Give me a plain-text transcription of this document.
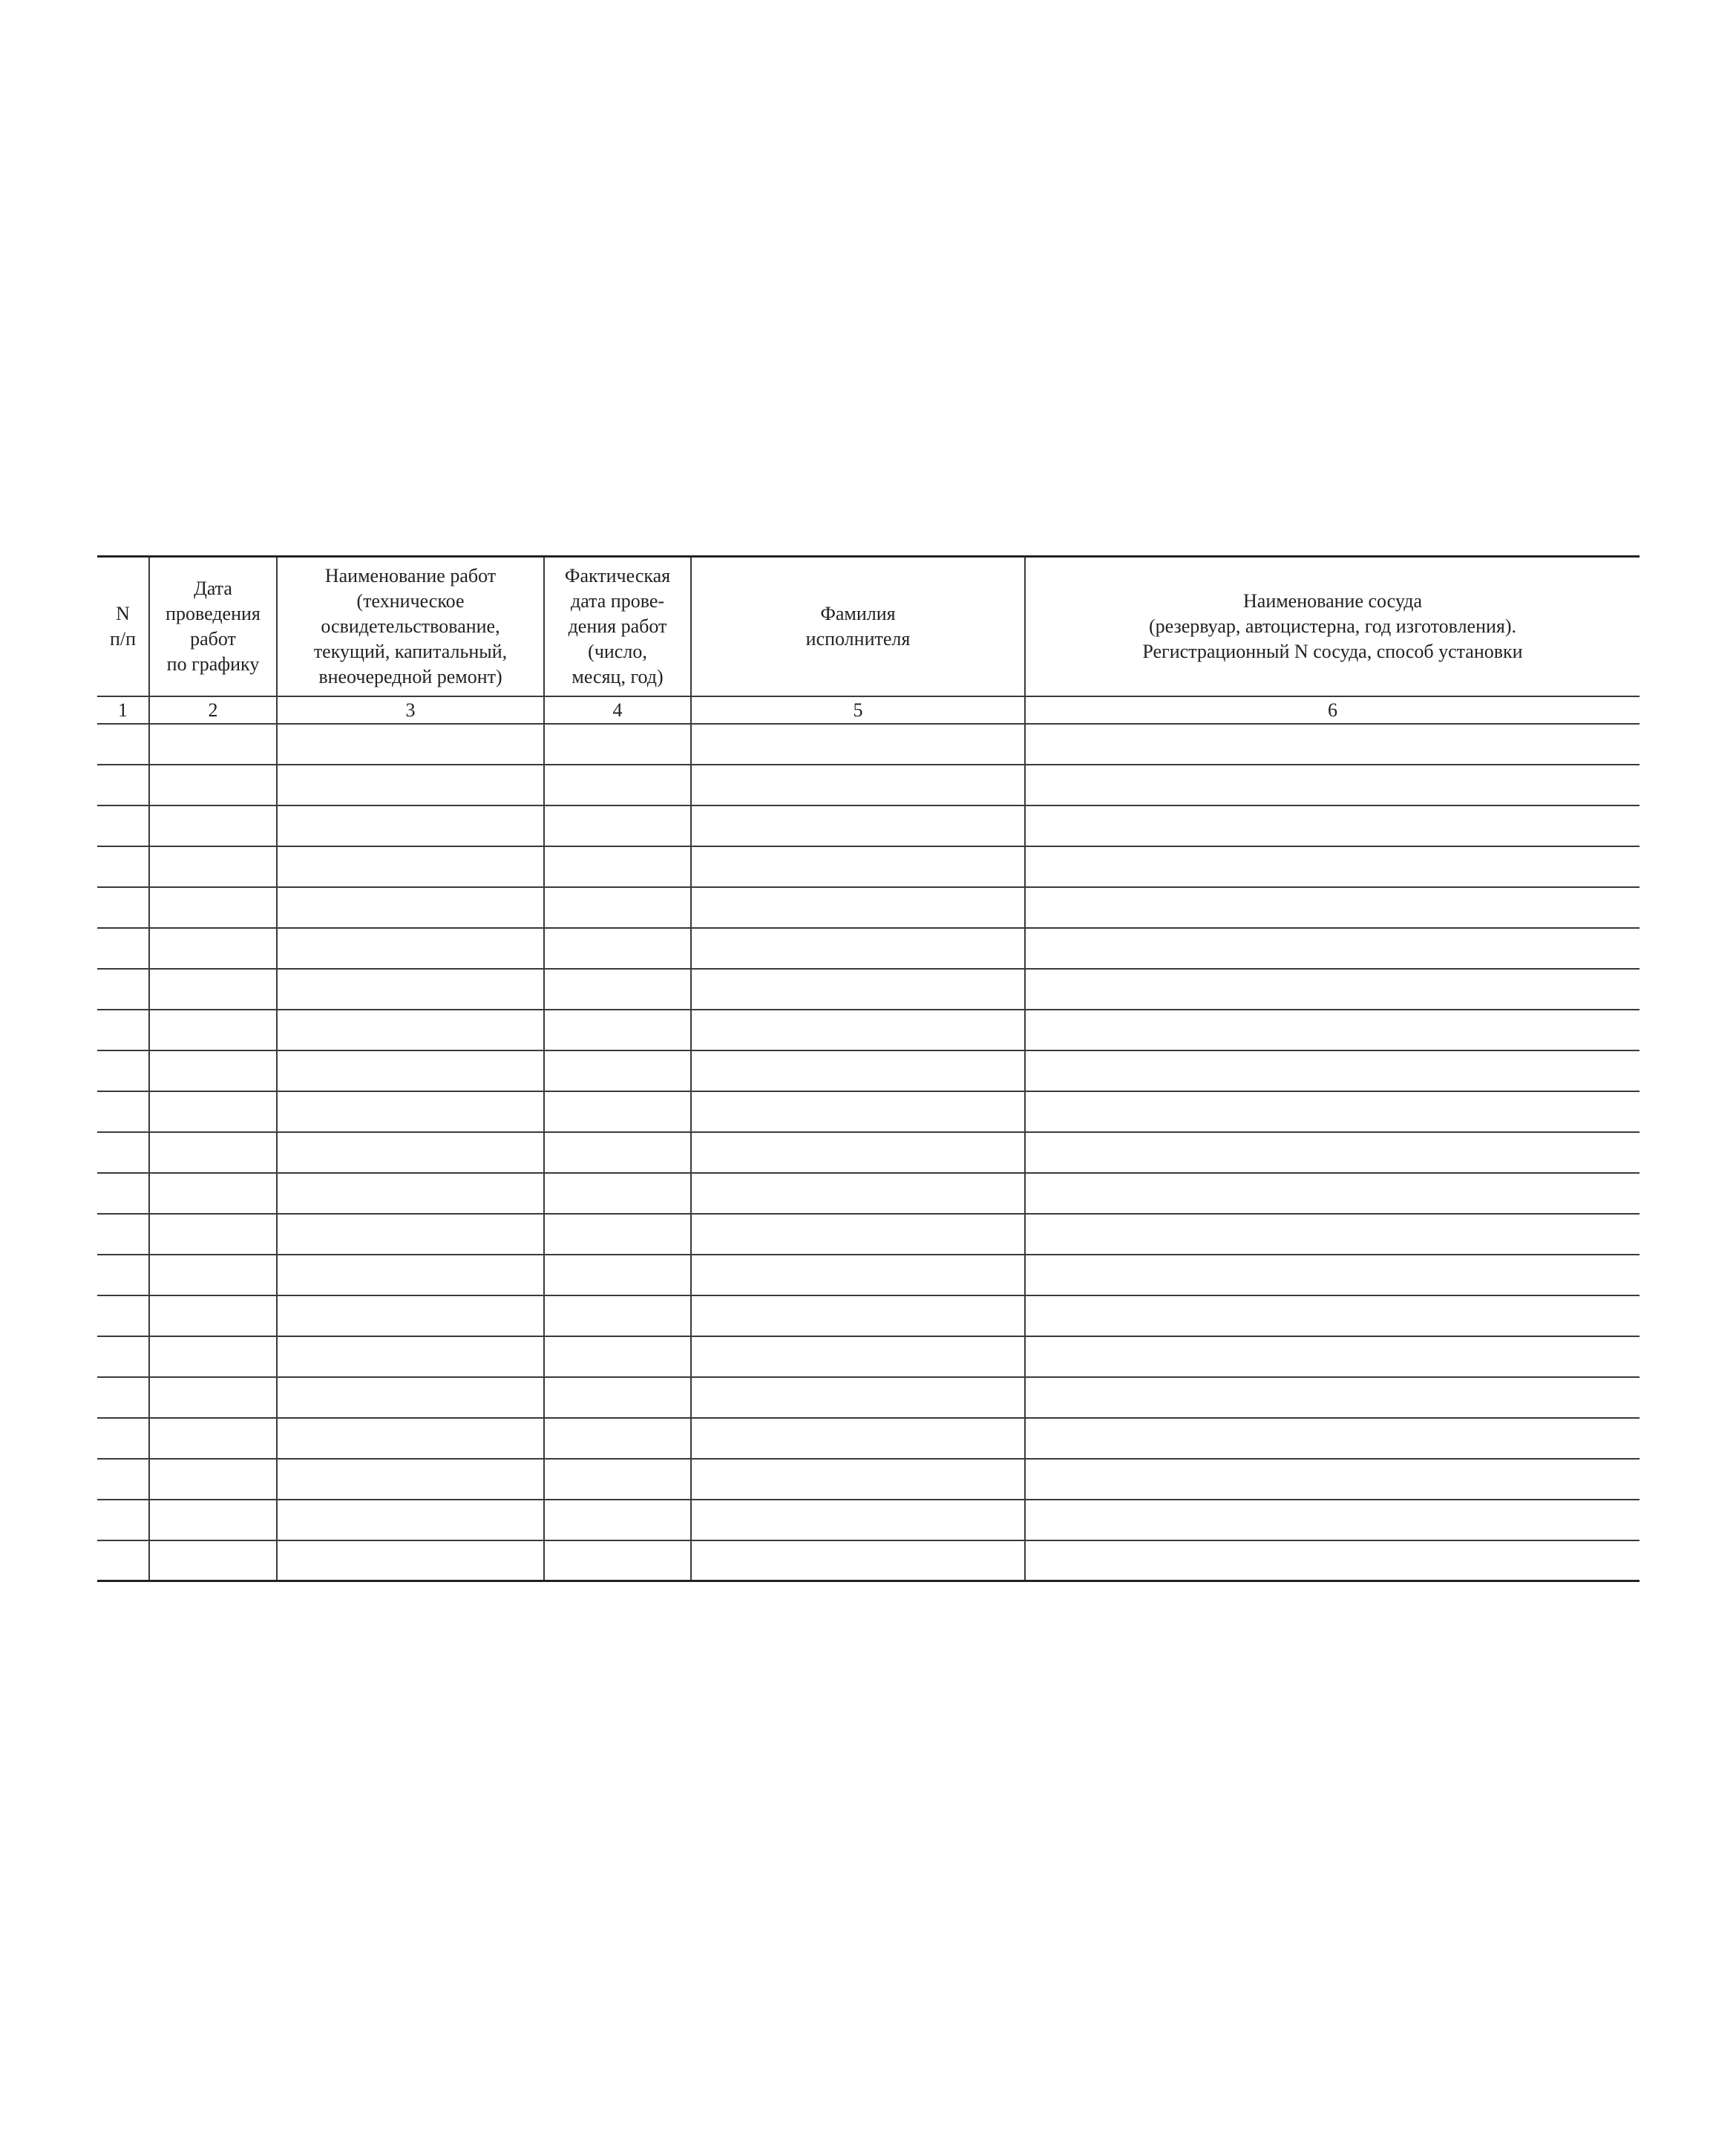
N
п/п	Дата
проведения
работ
по графику	Наименование работ
(техническое
освидетельствование,
текущий, капитальный,
внеочередной ремонт)	Фактическая
дата прове-
дения работ
(число,
месяц, год)	Фамилия
исполнителя	Наименование сосуда
(резервуар, автоцистерна, год изготовления).
Регистрационный N сосуда, способ установки

1	2	3	4	5	6
